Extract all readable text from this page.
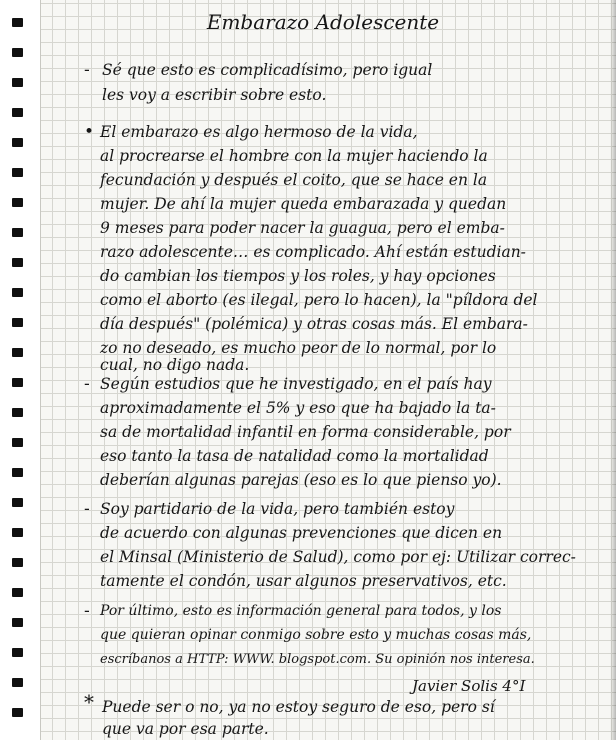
Embarazo Adolescente
- Sé que esto es complicadísimo, pero igual
les voy a escribir sobre esto.
• El embarazo es algo hermoso de la vida,
al procrearse el hombre con la mujer haciendo la
fecundación y después el coito, que se hace en la
mujer. De ahí la mujer queda embarazada y quedan
9 meses para poder nacer la guagua, pero el emba-
razo adolescente… es complicado. Ahí están estudian-
do cambian los tiempos y los roles, y hay opciones
como el aborto (es ilegal, pero lo hacen), la "píldora del
día después" (polémica) y otras cosas más. El embara-
zo no deseado, es mucho peor de lo normal, por lo
cual, no digo nada.
- Según estudios que he investigado, en el país hay
aproximadamente el 5% y eso que ha bajado la ta-
sa de mortalidad infantil en forma considerable, por
eso tanto la tasa de natalidad como la mortalidad
deberían algunas parejas (eso es lo que pienso yo).
- Soy partidario de la vida, pero también estoy
de acuerdo con algunas prevenciones que dicen en
el Minsal (Ministerio de Salud), como por ej: Utilizar correc-
tamente el condón, usar algunos preservativos, etc.
- Por último, esto es información general para todos, y los
que quieran opinar conmigo sobre esto y muchas cosas más,
escríbanos a HTTP: WWW. blogspot.com. Su opinión nos interesa.
Javier Solis 4°I
* Puede ser o no, ya no estoy seguro de eso, pero sí
que va por esa parte.
